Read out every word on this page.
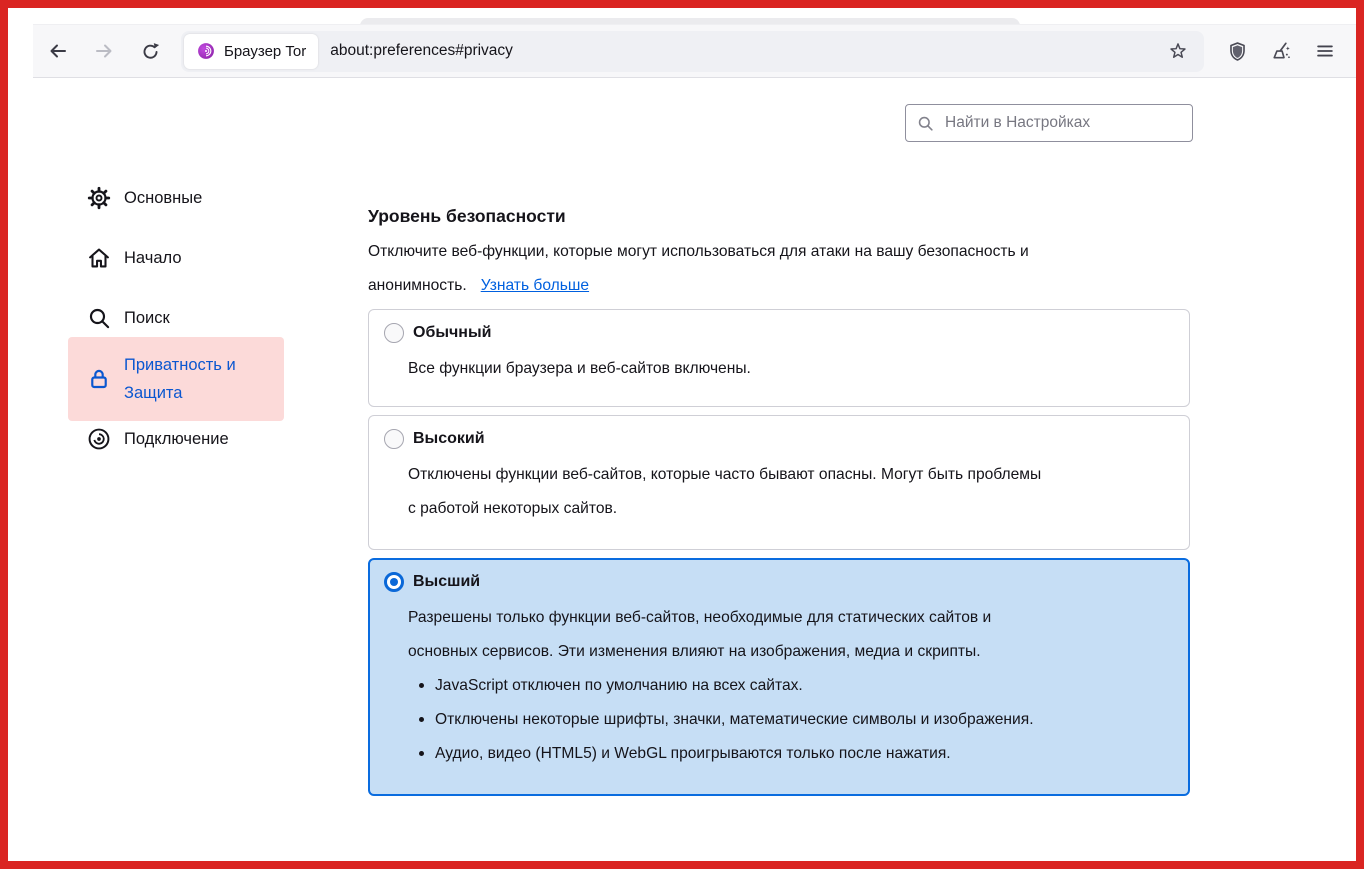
Браузер Tor about:preferences#privacy
Найти в Настройках
Основные
Начало
Поиск
Приватность и
Защита
Подключение
Уровень безопасности
Отключите веб-функции, которые могут использоваться для атаки на вашу безопасность и
анонимность. Узнать больше
Обычный
Все функции браузера и веб-сайтов включены.
Высокий
Отключены функции веб-сайтов, которые часто бывают опасны. Могут быть проблемы
с работой некоторых сайтов.
Высший
Разрешены только функции веб-сайтов, необходимые для статических сайтов и
основных сервисов. Эти изменения влияют на изображения, медиа и скрипты.
JavaScript отключен по умолчанию на всех сайтах.
Отключены некоторые шрифты, значки, математические символы и изображения.
Аудио, видео (HTML5) и WebGL проигрываются только после нажатия.
